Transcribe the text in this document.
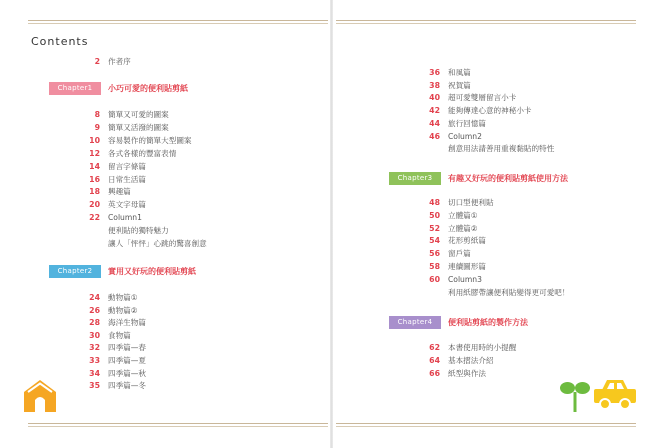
Contents
2 作者序
Chapter1	小巧可愛的便利貼剪紙
8 簡單又可愛的圖案
9 簡單又活潑的圖案
10 容易製作的簡單大型圖案
12 各式各樣的豐富表情
14 留言字條篇
16 日常生活篇
18 興趣篇
20 英文字母篇
22 Column1
便利貼的獨特魅力
讓人「怦怦」心跳的驚喜創意
Chapter2	實用又好玩的便利貼剪紙
24 動物篇①
26 動物篇②
28 海洋生物篇
30 食物篇
32 四季篇—春
33 四季篇—夏
34 四季篇—秋
35 四季篇—冬
36 和風篇
38 祝賀篇
40 超可愛雙層留言小卡
42 能夠傳達心意的神秘小卡
44 旅行回憶篇
46 Column2
創意用法請善用重複黏貼的特性
Chapter3	有趣又好玩的便利貼剪紙使用方法
48 切口型便利貼
50 立體篇①
52 立體篇②
54 花形剪紙篇
56 窗戶篇
58 連續圖形篇
60 Column3
利用紙膠帶讓便利貼變得更可愛吧！
Chapter4	便利貼剪紙的製作方法
62 本書使用時的小提醒
64 基本摺法介紹
66 紙型與作法
